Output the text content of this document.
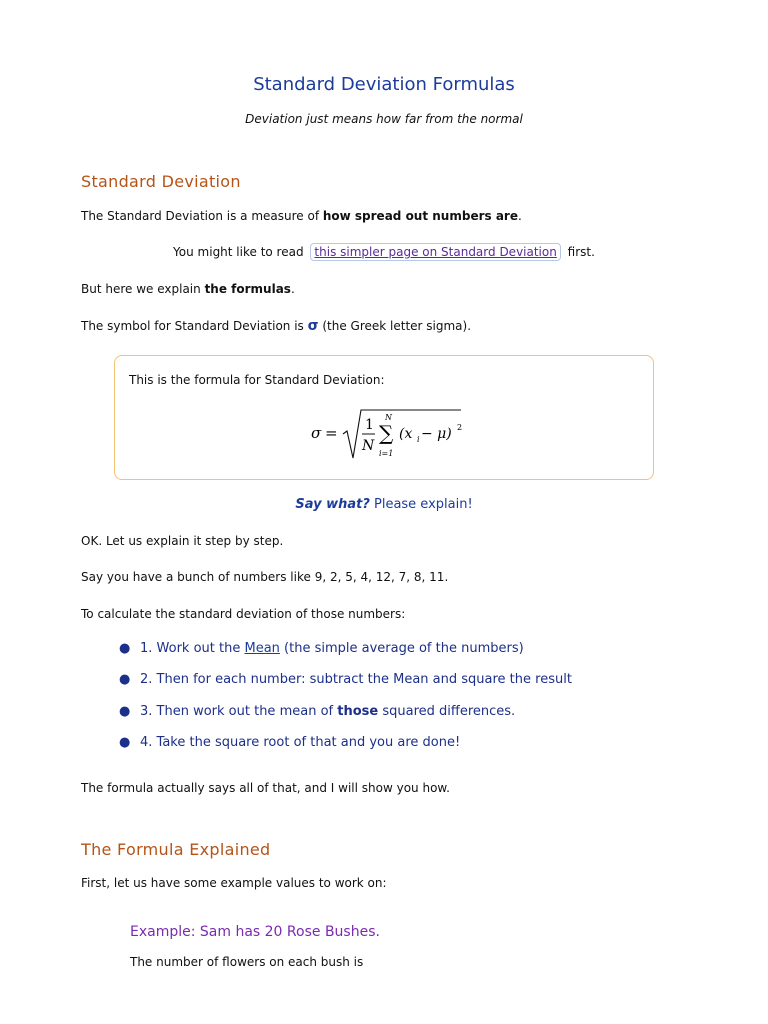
Standard Deviation Formulas
Deviation just means how far from the normal
Standard Deviation
The Standard Deviation is a measure of how spread out numbers are.
You might like to read this simpler page on Standard Deviation first.
But here we explain the formulas.
The symbol for Standard Deviation is σ (the Greek letter sigma).
This is the formula for Standard Deviation:
σ = 1
N
N
∑
i=1
(x i − μ) 2
Say what? Please explain!
OK. Let us explain it step by step.
Say you have a bunch of numbers like 9, 2, 5, 4, 12, 7, 8, 11.
To calculate the standard deviation of those numbers:
● 1. Work out the Mean (the simple average of the numbers)
● 2. Then for each number: subtract the Mean and square the result
● 3. Then work out the mean of those squared differences.
● 4. Take the square root of that and you are done!
The formula actually says all of that, and I will show you how.
The Formula Explained
First, let us have some example values to work on:
Example: Sam has 20 Rose Bushes.
The number of flowers on each bush is
